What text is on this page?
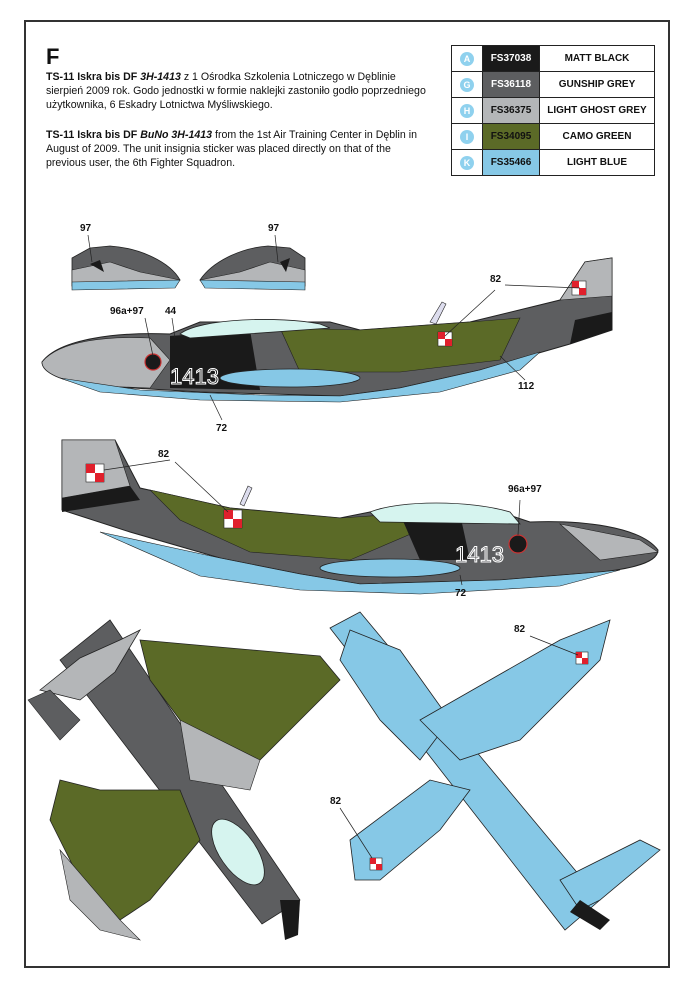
F
TS-11 Iskra bis DF 3H-1413 z 1 Ośrodka Szkolenia Lotniczego w Dęblinie sierpień 2009 rok. Godo jednostki w formie naklejki zastoniło godło poprzedniego użytkownika, 6 Eskadry Lotnictwa Myśliwskiego.
TS-11 Iskra bis DF BuNo 3H-1413 from the 1st Air Training Center in Dęblin in August of 2009. The unit insignia sticker was placed directly on that of the previous user, the 6th Fighter Squadron.
A	FS37038	MATT BLACK
G	FS36118	GUNSHIP GREY
H	FS36375	LIGHT GHOST GREY
I	FS34095	CAMO GREEN
K	FS35466	LIGHT BLUE
1413
1413
97	97
82
96a+97 44
112
72
82
96a+97
72
82
82
